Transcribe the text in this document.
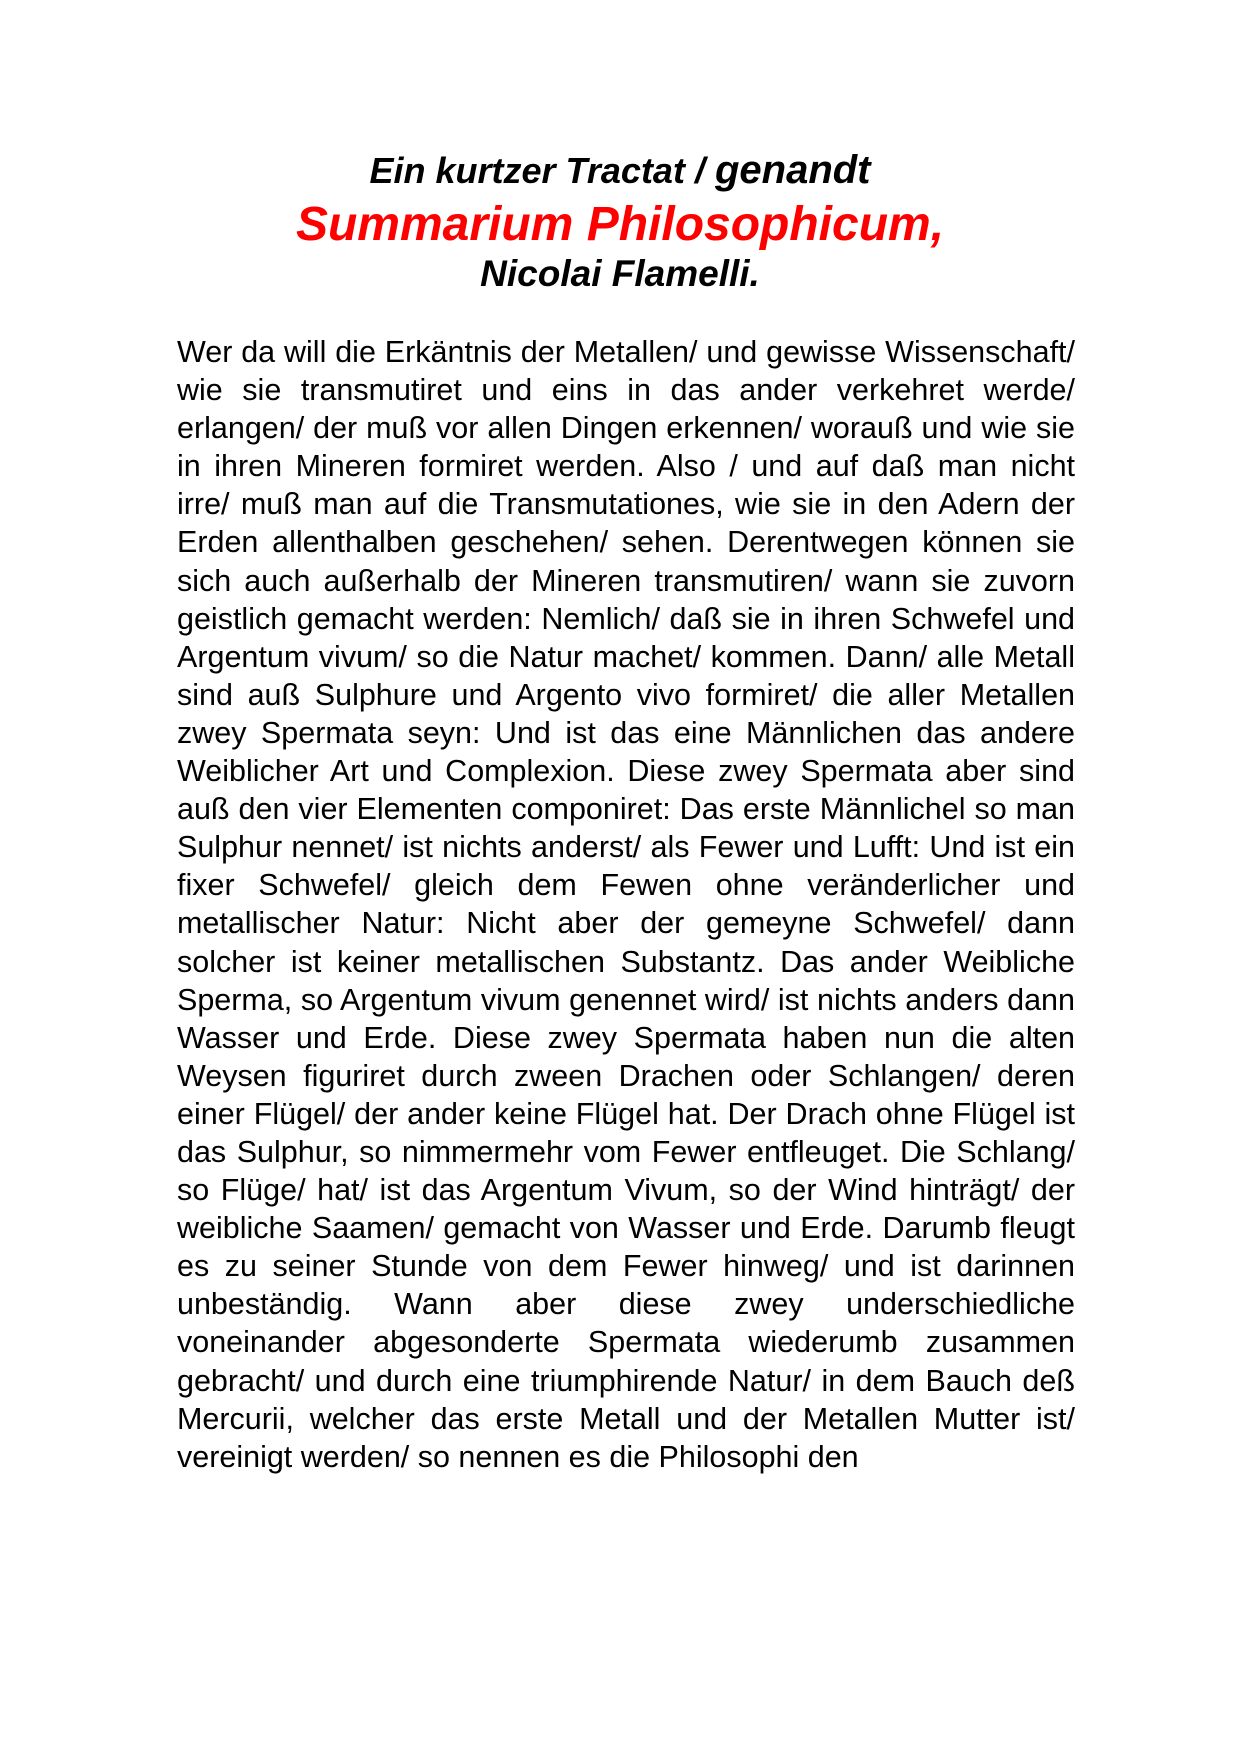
Ein kurtzer Tractat / genandt
Summarium Philosophicum,
Nicolai Flamelli.

Wer da will die Erkäntnis der Metallen/ und gewisse Wissenschaft/ wie sie transmutiret und eins in das ander verkehret werde/ erlangen/ der muß vor allen Dingen erkennen/ worauß und wie sie in ihren Mineren formiret werden. Also / und auf daß man nicht irre/ muß man auf die Transmutationes, wie sie in den Adern der Erden allenthalben geschehen/ sehen. Derentwegen können sie sich auch außerhalb der Mineren transmutiren/ wann sie zuvorn geistlich gemacht werden: Nemlich/ daß sie in ihren Schwefel und Argentum vivum/ so die Natur machet/ kommen. Dann/ alle Metall sind auß Sulphure und Argento vivo formiret/ die aller Metallen zwey Spermata seyn: Und ist das eine Männlichen das andere Weiblicher Art und Complexion. Diese zwey Spermata aber sind auß den vier Elementen componiret: Das erste Männlichel so man Sulphur nennet/ ist nichts anderst/ als Fewer und Lufft: Und ist ein fixer Schwefel/ gleich dem Fewen ohne veränderlicher und metallischer Natur: Nicht aber der gemeyne Schwefel/ dann solcher ist keiner metallischen Substantz. Das ander Weibliche Sperma, so Argentum vivum genennet wird/ ist nichts anders dann Wasser und Erde. Diese zwey Spermata haben nun die alten Weysen figuriret durch zween Drachen oder Schlangen/ deren einer Flügel/ der ander keine Flügel hat. Der Drach ohne Flügel ist das Sulphur, so nimmermehr vom Fewer entfleuget. Die Schlang/ so Flüge/ hat/ ist das Argentum Vivum, so der Wind hinträgt/ der weibliche Saamen/ gemacht von Wasser und Erde. Darumb fleugt es zu seiner Stunde von dem Fewer hinweg/ und ist darinnen unbeständig. Wann aber diese zwey underschiedliche voneinander abgesonderte Spermata wiederumb zusammen gebracht/ und durch eine triumphirende Natur/ in dem Bauch deß Mercurii, welcher das erste Metall und der Metallen Mutter ist/ vereinigt werden/ so nennen es die Philosophi den
